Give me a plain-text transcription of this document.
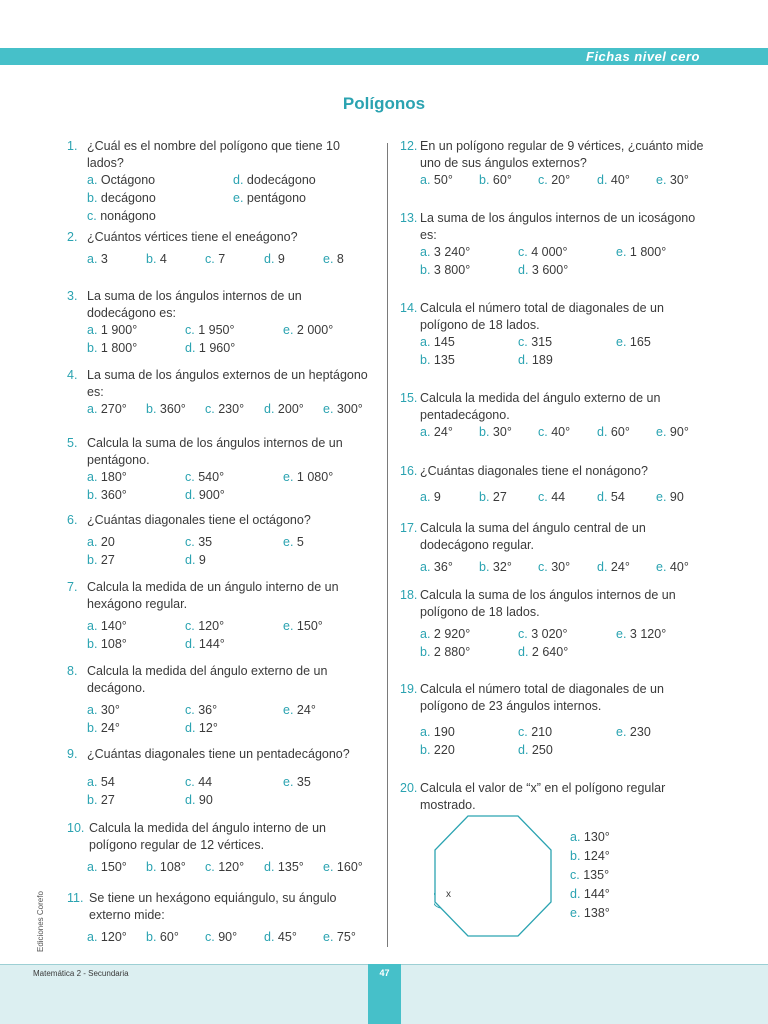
Fichas nivel cero
Polígonos
1. ¿Cuál es el nombre del polígono que tiene 10 lados?
a. Octágono	d. dodecágono
b. decágono	e. pentágono
c. nonágono
2. ¿Cuántos vértices tiene el eneágono?
a. 3	b. 4	c. 7	d. 9	e. 8
3. La suma de los ángulos internos de un dodecágono es:
a. 1 900°	c. 1 950°	e. 2 000°
b. 1 800°	d. 1 960°
4. La suma de los ángulos externos de un heptágono es:
a. 270° b. 360° c. 230° d. 200° e. 300°
5. Calcula la suma de los ángulos internos de un pentágono.
a. 180°	c. 540°	e. 1 080°
b. 360°	d. 900°
6. ¿Cuántas diagonales tiene el octágono?
a. 20	c. 35	e. 5
b. 27	d. 9
7. Calcula la medida de un ángulo interno de un hexágono regular.
a. 140°	c. 120°	e. 150°
b. 108°	d. 144°
8. Calcula la medida del ángulo externo de un decágono.
a. 30°	c. 36°	e. 24°
b. 24°	d. 12°
9. ¿Cuántas diagonales tiene un pentadecágono?
a. 54	c. 44	e. 35
b. 27	d. 90
10. Calcula la medida del ángulo interno de un polígono regular de 12 vértices.
a. 150° b. 108° c. 120° d. 135° e. 160°
11. Se tiene un hexágono equiángulo, su ángulo externo mide:
a. 120° b. 60° c. 90° d. 45° e. 75°
12. En un polígono regular de 9 vértices, ¿cuánto mide uno de sus ángulos externos?
a. 50° b. 60° c. 20° d. 40° e. 30°
13. La suma de los ángulos internos de un icoságono es:
a. 3 240°	c. 4 000°	e. 1 800°
b. 3 800°	d. 3 600°
14. Calcula el número total de diagonales de un polígono de 18 lados.
a. 145	c. 315	e. 165
b. 135	d. 189
15. Calcula la medida del ángulo externo de un pentadecágono.
a. 24° b. 30° c. 40° d. 60° e. 90°
16. ¿Cuántas diagonales tiene el nonágono?
a. 9	b. 27 c. 44	d. 54 e. 90
17. Calcula la suma del ángulo central de un dodecágono regular.
a. 36° b. 32° c. 30° d. 24° e. 40°
18. Calcula la suma de los ángulos internos de un polígono de 18 lados.
a. 2 920°	c. 3 020°	e. 3 120°
b. 2 880°	d. 2 640°
19. Calcula el número total de diagonales de un polígono de 23 ángulos internos.
a. 190	c. 210	e. 230
b. 220	d. 250
20. Calcula el valor de “x” en el polígono regular mostrado.
x
a. 130°
b. 124°
c. 135°
d. 144°
e. 138°
Ediciones Corefo
Matemática 2 - Secundaria	47
